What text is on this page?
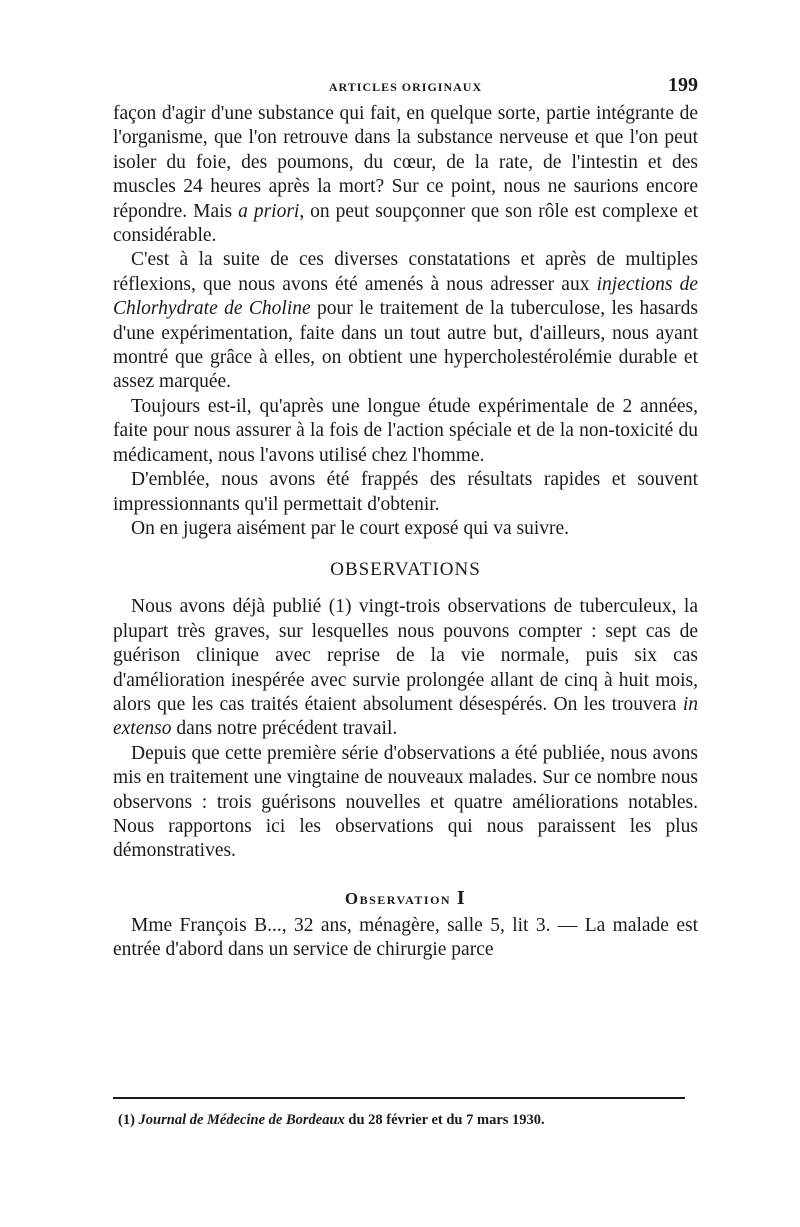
ARTICLES ORIGINAUX	199

façon d'agir d'une substance qui fait, en quelque sorte, partie intégrante de l'organisme, que l'on retrouve dans la substance nerveuse et que l'on peut isoler du foie, des poumons, du cœur, de la rate, de l'intestin et des muscles 24 heures après la mort? Sur ce point, nous ne saurions encore répondre. Mais a priori, on peut soupçonner que son rôle est complexe et considérable.

C'est à la suite de ces diverses constatations et après de multiples réflexions, que nous avons été amenés à nous adresser aux injections de Chlorhydrate de Choline pour le traitement de la tuberculose, les hasards d'une expérimentation, faite dans un tout autre but, d'ailleurs, nous ayant montré que grâce à elles, on obtient une hypercholestérolémie durable et assez marquée.

Toujours est-il, qu'après une longue étude expérimentale de 2 années, faite pour nous assurer à la fois de l'action spéciale et de la non-toxicité du médicament, nous l'avons utilisé chez l'homme.

D'emblée, nous avons été frappés des résultats rapides et souvent impressionnants qu'il permettait d'obtenir.

On en jugera aisément par le court exposé qui va suivre.

OBSERVATIONS

Nous avons déjà publié (1) vingt-trois observations de tuberculeux, la plupart très graves, sur lesquelles nous pouvons compter : sept cas de guérison clinique avec reprise de la vie normale, puis six cas d'amélioration inespérée avec survie prolongée allant de cinq à huit mois, alors que les cas traités étaient absolument désespérés. On les trouvera in extenso dans notre précédent travail.

Depuis que cette première série d'observations a été publiée, nous avons mis en traitement une vingtaine de nouveaux malades. Sur ce nombre nous observons : trois guérisons nouvelles et quatre améliorations notables. Nous rapportons ici les observations qui nous paraissent les plus démonstratives.

Observation I

Mme François B..., 32 ans, ménagère, salle 5, lit 3. — La malade est entrée d'abord dans un service de chirurgie parce

(1) Journal de Médecine de Bordeaux du 28 février et du 7 mars 1930.
